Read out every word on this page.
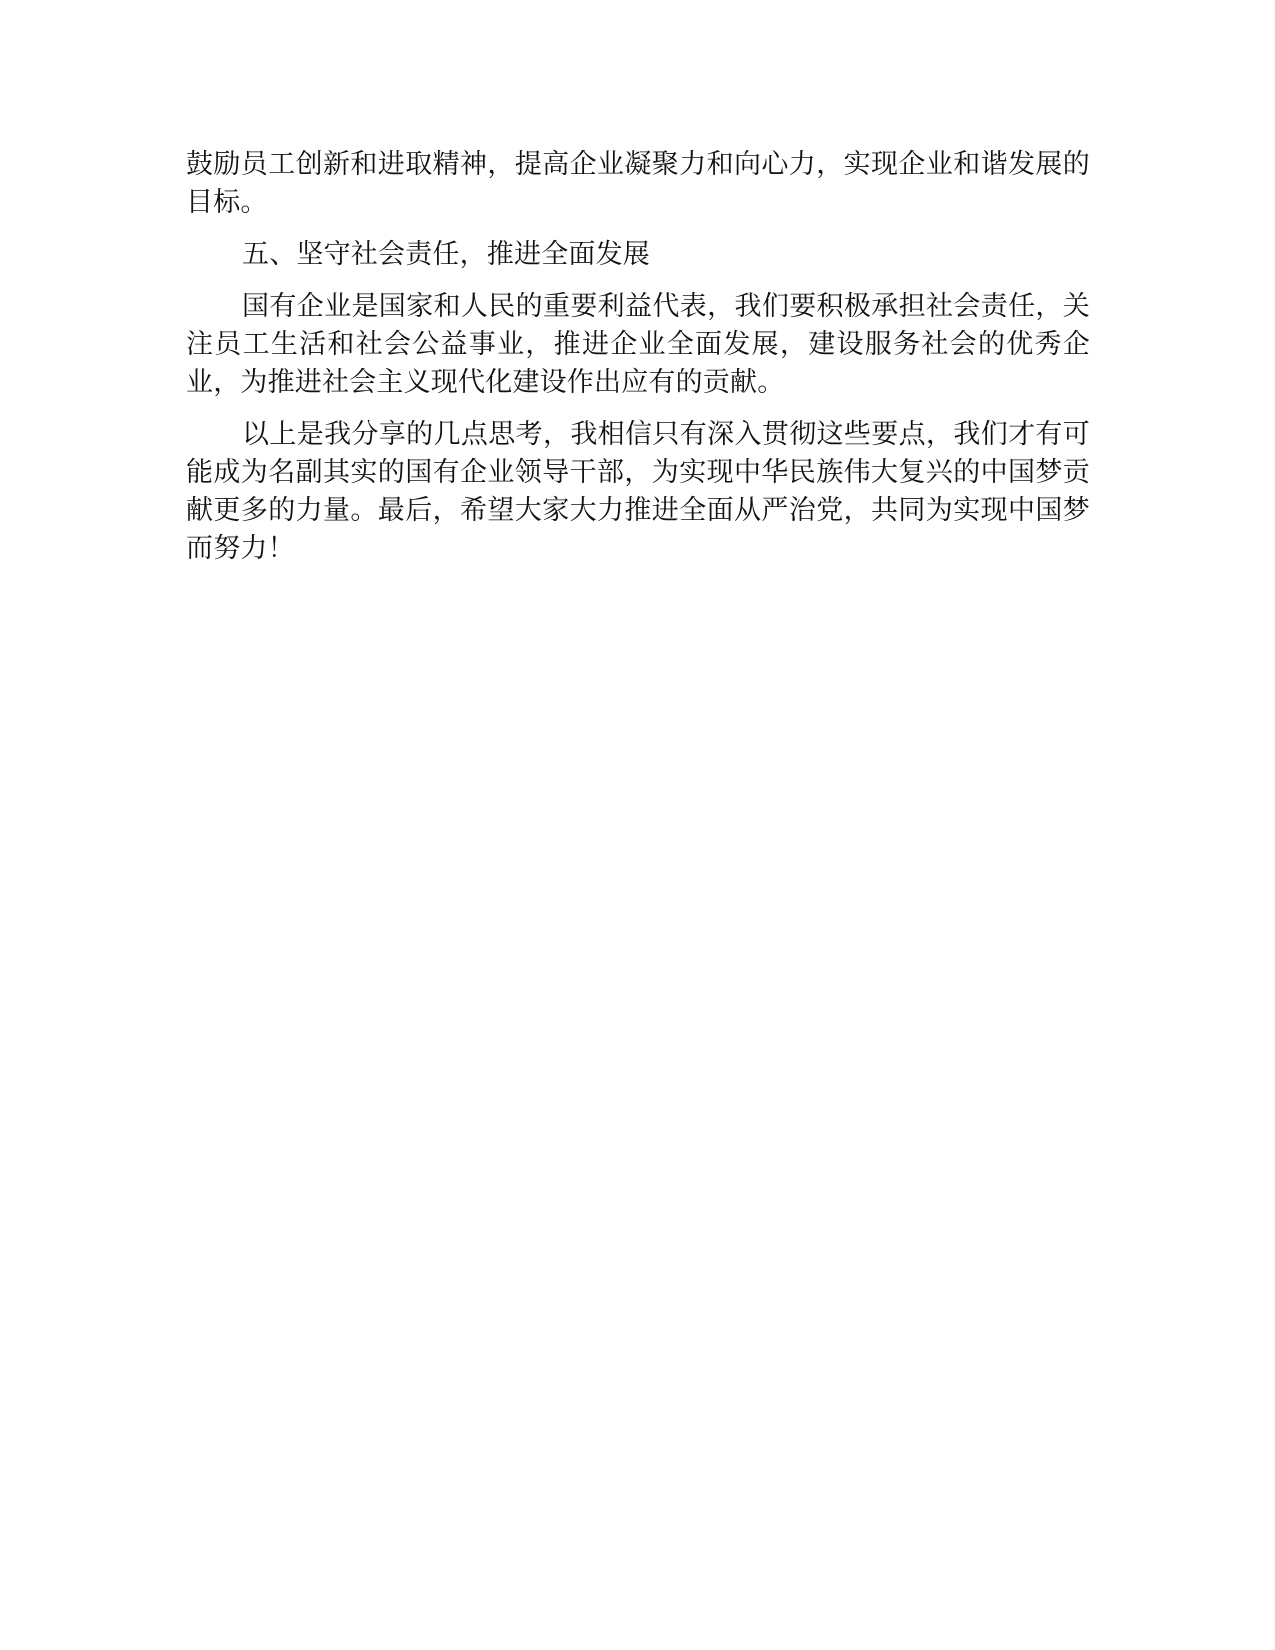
鼓励员工创新和进取精神，提高企业凝聚力和向心力，实现企业和谐发展的目标。

五、坚守社会责任，推进全面发展

国有企业是国家和人民的重要利益代表，我们要积极承担社会责任，关注员工生活和社会公益事业，推进企业全面发展，建设服务社会的优秀企业，为推进社会主义现代化建设作出应有的贡献。

以上是我分享的几点思考，我相信只有深入贯彻这些要点，我们才有可能成为名副其实的国有企业领导干部，为实现中华民族伟大复兴的中国梦贡献更多的力量。最后，希望大家大力推进全面从严治党，共同为实现中国梦而努力！
